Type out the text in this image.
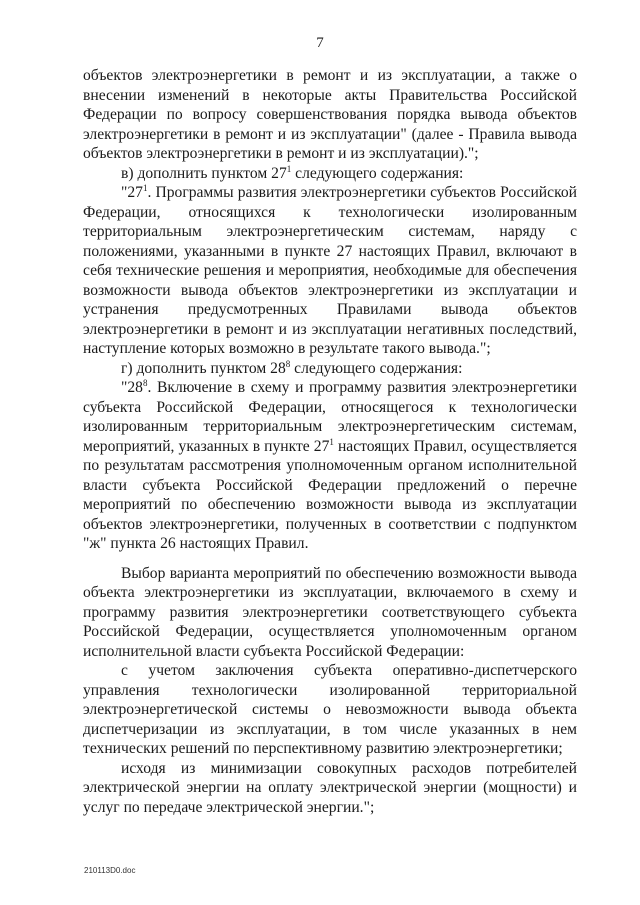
7

объектов электроэнергетики в ремонт и из эксплуатации, а также о внесении изменений в некоторые акты Правительства Российской Федерации по вопросу совершенствования порядка вывода объектов электроэнергетики в ремонт и из эксплуатации" (далее - Правила вывода объектов электроэнергетики в ремонт и из эксплуатации).";

в) дополнить пунктом $27^1$ следующего содержания:

"$27^1$. Программы развития электроэнергетики субъектов Российской Федерации, относящихся к технологически изолированным территориальным электроэнергетическим системам, наряду с положениями, указанными в пункте 27 настоящих Правил, включают в себя технические решения и мероприятия, необходимые для обеспечения возможности вывода объектов электроэнергетики из эксплуатации и устранения предусмотренных Правилами вывода объектов электроэнергетики в ремонт и из эксплуатации негативных последствий, наступление которых возможно в результате такого вывода.";

г) дополнить пунктом $28^8$ следующего содержания:

"$28^8$. Включение в схему и программу развития электроэнергетики субъекта Российской Федерации, относящегося к технологически изолированным территориальным электроэнергетическим системам, мероприятий, указанных в пункте $27^1$ настоящих Правил, осуществляется по результатам рассмотрения уполномоченным органом исполнительной власти субъекта Российской Федерации предложений о перечне мероприятий по обеспечению возможности вывода из эксплуатации объектов электроэнергетики, полученных в соответствии с подпунктом "ж" пункта 26 настоящих Правил.

Выбор варианта мероприятий по обеспечению возможности вывода объекта электроэнергетики из эксплуатации, включаемого в схему и программу развития электроэнергетики соответствующего субъекта Российской Федерации, осуществляется уполномоченным органом исполнительной власти субъекта Российской Федерации:

с учетом заключения субъекта оперативно-диспетчерского управления технологически изолированной территориальной электроэнергетической системы о невозможности вывода объекта диспетчеризации из эксплуатации, в том числе указанных в нем технических решений по перспективному развитию электроэнергетики;

исходя из минимизации совокупных расходов потребителей электрической энергии на оплату электрической энергии (мощности) и услуг по передаче электрической энергии.";

210113D0.doc
